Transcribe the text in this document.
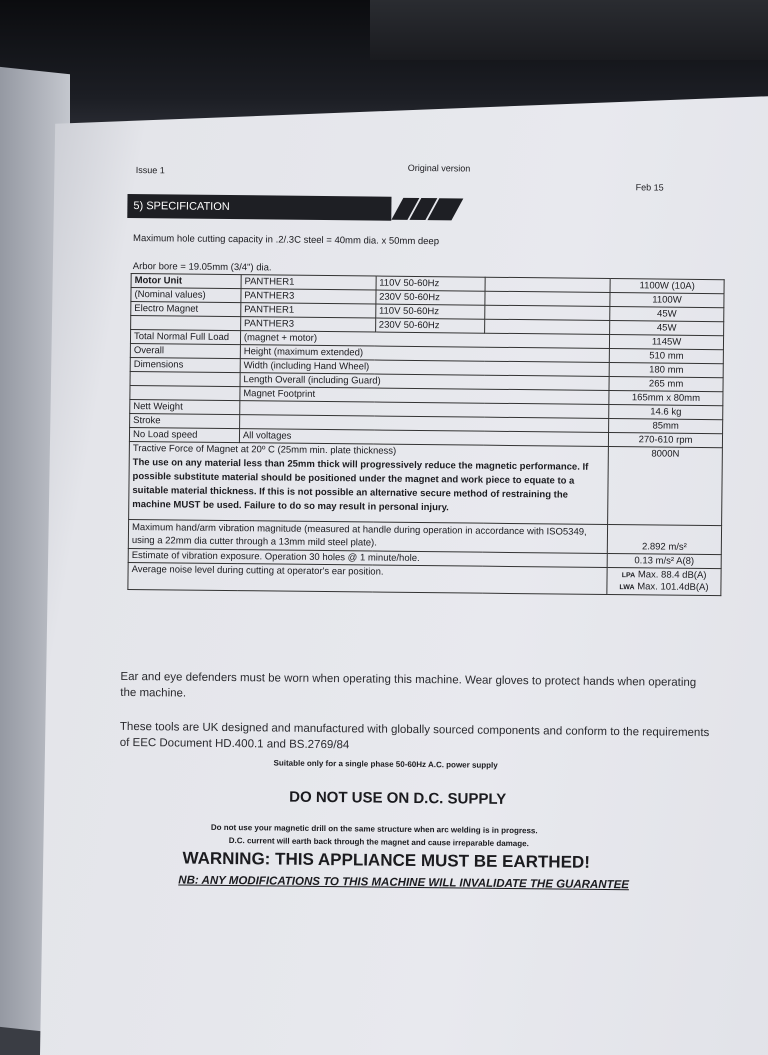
Issue 1	Original version
Feb 15
5) SPECIFICATION
Maximum hole cutting capacity in .2/.3C steel = 40mm dia. x 50mm deep
Arbor bore = 19.05mm (3/4") dia.
Motor Unit	PANTHER1	110V 50-60Hz		1100W (10A)
(Nominal values)	PANTHER3	230V 50-60Hz		1100W
Electro Magnet	PANTHER1	110V 50-60Hz		45W
	PANTHER3	230V 50-60Hz		45W
Total Normal Full Load	(magnet + motor)			1145W
Overall	Height (maximum extended)			510 mm
Dimensions	Width (including Hand Wheel)			180 mm
	Length Overall (including Guard)			265 mm
	Magnet Footprint			165mm x 80mm
Nett Weight				14.6 kg
Stroke				85mm
No Load speed	All voltages			270-610 rpm

Tractive Force of Magnet at 20º C (25mm min. plate thickness)
The use on any material less than 25mm thick will progressively reduce the magnetic performance. If possible substitute material should be positioned under the magnet and work piece to equate to a suitable material thickness. If this is not possible an alternative secure method of restraining the machine MUST be used. Failure to do so may result in personal injury.				8000N
Maximum hand/arm vibration magnitude (measured at handle during operation in accordance with ISO5349, using a 22mm dia cutter through a 13mm mild steel plate).				2.892 m/s²
Estimate of vibration exposure. Operation 30 holes @ 1 minute/hole.				0.13 m/s² A(8)
Average noise level during cutting at operator's ear position.				LPA Max. 88.4 dB(A)
LWA Max. 101.4dB(A)
Ear and eye defenders must be worn when operating this machine. Wear gloves to protect hands when operating the machine.
These tools are UK designed and manufactured with globally sourced components and conform to the requirements of EEC Document HD.400.1 and BS.2769/84
Suitable only for a single phase 50-60Hz A.C. power supply
DO NOT USE ON D.C. SUPPLY
Do not use your magnetic drill on the same structure when arc welding is in progress.
D.C. current will earth back through the magnet and cause irreparable damage.
WARNING: THIS APPLIANCE MUST BE EARTHED!
NB: ANY MODIFICATIONS TO THIS MACHINE WILL INVALIDATE THE GUARANTEE
